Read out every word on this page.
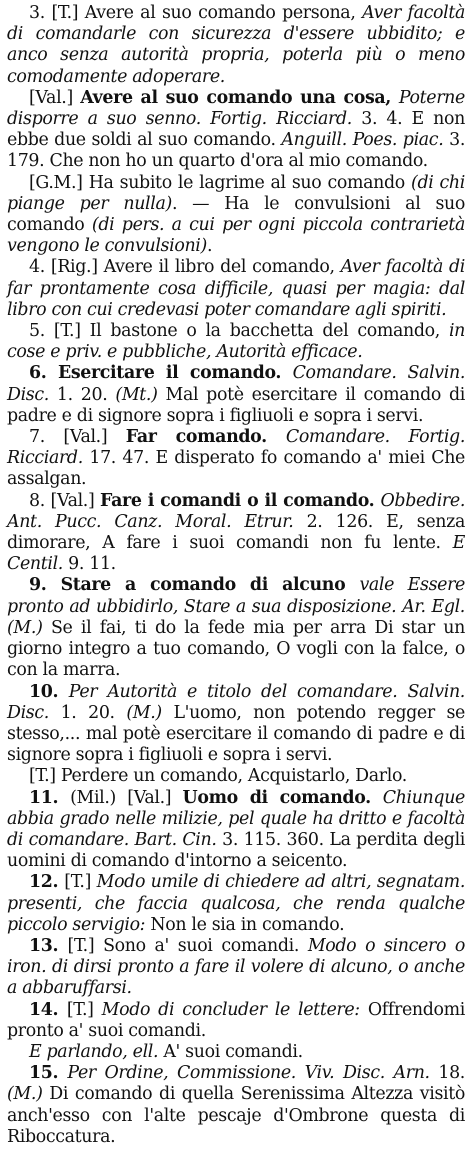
3. [T.] Avere al suo comando persona, Aver facoltà di comandarle con sicurezza d'essere ubbidito; e anco senza autorità propria, poterla più o meno comodamente adoperare.

[Val.] Avere al suo comando una cosa, Poterne disporre a suo senno. Fortig. Ricciard. 3. 4. E non ebbe due soldi al suo comando. Anguill. Poes. piac. 3. 179. Che non ho un quarto d'ora al mio comando.

[G.M.] Ha subito le lagrime al suo comando (di chi piange per nulla). — Ha le convulsioni al suo comando (di pers. a cui per ogni piccola contrarietà vengono le convulsioni).

4. [Rig.] Avere il libro del comando, Aver facoltà di far prontamente cosa difficile, quasi per magia: dal libro con cui credevasi poter comandare agli spiriti.

5. [T.] Il bastone o la bacchetta del comando, in cose e priv. e pubbliche, Autorità efficace.

6. Esercitare il comando. Comandare. Salvin. Disc. 1. 20. (Mt.) Mal potè esercitare il comando di padre e di signore sopra i figliuoli e sopra i servi.

7. [Val.] Far comando. Comandare. Fortig. Ricciard. 17. 47. E disperato fo comando a' miei Che assalgan.

8. [Val.] Fare i comandi o il comando. Obbedire. Ant. Pucc. Canz. Moral. Etrur. 2. 126. E, senza dimorare, A fare i suoi comandi non fu lente. E Centil. 9. 11.

9. Stare a comando di alcuno vale Essere pronto ad ubbidirlo, Stare a sua disposizione. Ar. Egl. (M.) Se il fai, ti do la fede mia per arra Di star un giorno integro a tuo comando, O vogli con la falce, o con la marra.

10. Per Autorità e titolo del comandare. Salvin. Disc. 1. 20. (M.) L'uomo, non potendo regger se stesso,... mal potè esercitare il comando di padre e di signore sopra i figliuoli e sopra i servi.

[T.] Perdere un comando, Acquistarlo, Darlo.

11. (Mil.) [Val.] Uomo di comando. Chiunque abbia grado nelle milizie, pel quale ha dritto e facoltà di comandare. Bart. Cin. 3. 115. 360. La perdita degli uomini di comando d'intorno a seicento.

12. [T.] Modo umile di chiedere ad altri, segnatam. presenti, che faccia qualcosa, che renda qualche piccolo servigio: Non le sia in comando.

13. [T.] Sono a' suoi comandi. Modo o sincero o iron. di dirsi pronto a fare il volere di alcuno, o anche a abbaruffarsi.

14. [T.] Modo di concluder le lettere: Offrendomi pronto a' suoi comandi.

E parlando, ell. A' suoi comandi.

15. Per Ordine, Commissione. Viv. Disc. Arn. 18. (M.) Di comando di quella Serenissima Altezza visitò anch'esso con l'alte pescaje d'Ombrone questa di Riboccatura.
